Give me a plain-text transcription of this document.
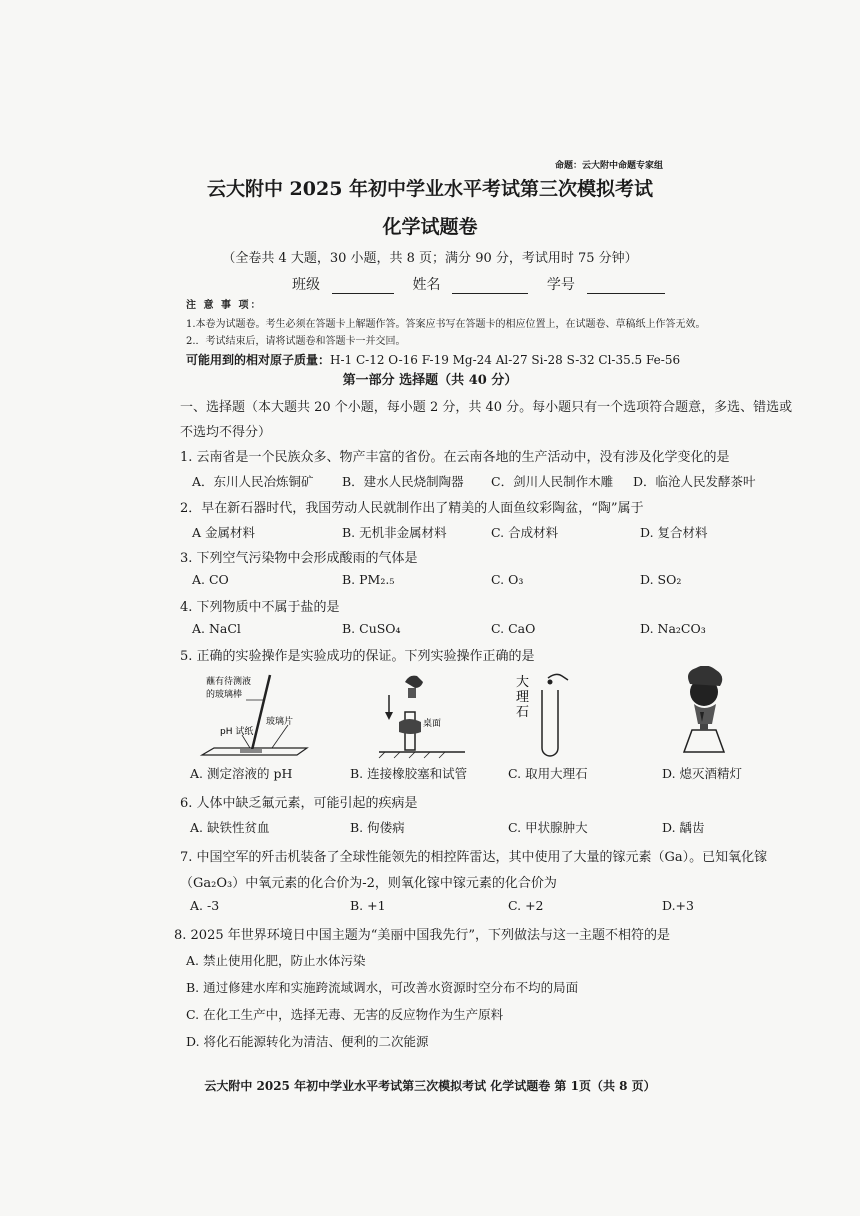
命题：云大附中命题专家组
云大附中 2025 年初中学业水平考试第三次模拟考试
化学试题卷
（全卷共 4 大题，30 小题，共 8 页；满分 90 分，考试用时 75 分钟）
班级	姓名	学号
注 意 事 项：
1.本卷为试题卷。考生必须在答题卡上解题作答。答案应书写在答题卡的相应位置上，在试题卷、草稿纸上作答无效。
2.．考试结束后，请将试题卷和答题卡一并交回。
可能用到的相对原子质量：H-1 C-12 O-16 F-19 Mg-24 Al-27 Si-28 S-32 Cl-35.5 Fe-56
第一部分 选择题（共 40 分）
一、选择题（本大题共 20 个小题，每小题 2 分，共 40 分。每小题只有一个选项符合题意，多选、错选或
不选均不得分）
1. 云南省是一个民族众多、物产丰富的省份。在云南各地的生产活动中，没有涉及化学变化的是
A．东川人民冶炼铜矿 B．建水人民烧制陶器 C．剑川人民制作木雕 D．临沧人民发酵茶叶
2．早在新石器时代，我国劳动人民就制作出了精美的人面鱼纹彩陶盆，“陶”属于
A 金属材料	B. 无机非金属材料	C. 合成材料	D. 复合材料
3. 下列空气污染物中会形成酸雨的气体是
A. CO	B. PM₂.₅	C. O₃	D. SO₂
4. 下列物质中不属于盐的是
A. NaCl	B. CuSO₄	C. CaO	D. Na₂CO₃
5. 正确的实验操作是实验成功的保证。下列实验操作正确的是
蘸有待测液
的玻璃棒
pH 试纸
玻璃片	桌面
大
理
石
A. 测定溶液的 pH	B. 连接橡胶塞和试管	C. 取用大理石	D. 熄灭酒精灯
6. 人体中缺乏氟元素，可能引起的疾病是
A. 缺铁性贫血	B. 佝偻病	C. 甲状腺肿大	D. 龋齿
7. 中国空军的歼击机装备了全球性能领先的相控阵雷达，其中使用了大量的镓元素（Ga）。已知氧化镓
（Ga₂O₃）中氧元素的化合价为-2，则氧化镓中镓元素的化合价为
A. -3	B. +1	C. +2	D.+3
8. 2025 年世界环境日中国主题为“美丽中国我先行”，下列做法与这一主题不相符的是
A. 禁止使用化肥，防止水体污染
B. 通过修建水库和实施跨流域调水，可改善水资源时空分布不均的局面
C. 在化工生产中，选择无毒、无害的反应物作为生产原料
D. 将化石能源转化为清洁、便利的二次能源
云大附中 2025 年初中学业水平考试第三次模拟考试 化学试题卷 第 1页（共 8 页）
